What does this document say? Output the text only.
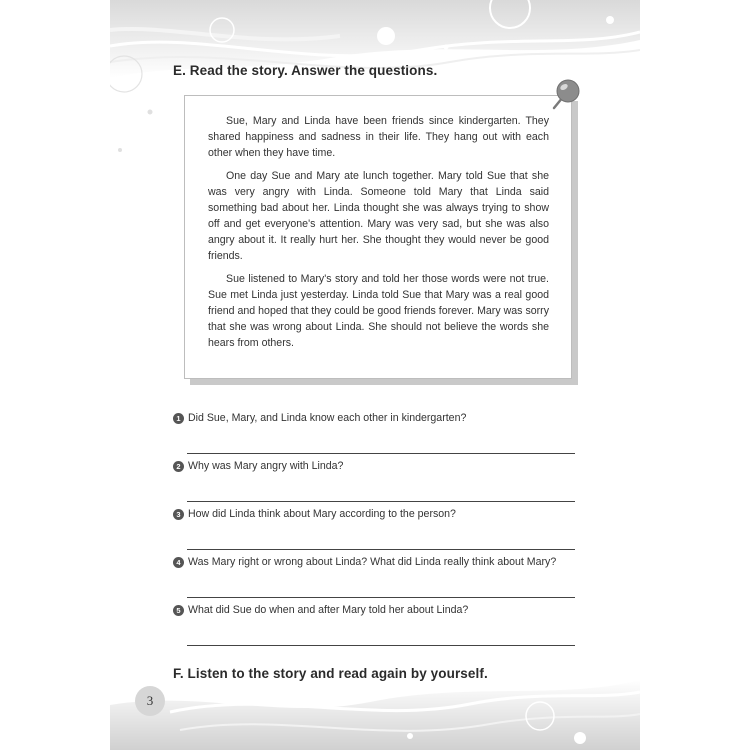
E. Read the story. Answer the questions.

Sue, Mary and Linda have been friends since kindergarten. They shared happiness and sadness in their life. They hang out with each other when they have time.

One day Sue and Mary ate lunch together. Mary told Sue that she was very angry with Linda. Someone told Mary that Linda said something bad about her. Linda thought she was always trying to show off and get everyone's attention. Mary was very sad, but she was also angry about it. It really hurt her. She thought they would never be good friends.

Sue listened to Mary's story and told her those words were not true. Sue met Linda just yesterday. Linda told Sue that Mary was a real good friend and hoped that they could be good friends forever. Mary was sorry that she was wrong about Linda. She should not believe the words she hears from others.

1 Did Sue, Mary, and Linda know each other in kindergarten?
2 Why was Mary angry with Linda?
3 How did Linda think about Mary according to the person?
4 Was Mary right or wrong about Linda? What did Linda really think about Mary?
5 What did Sue do when and after Mary told her about Linda?
F. Listen to the story and read again by yourself.
3
